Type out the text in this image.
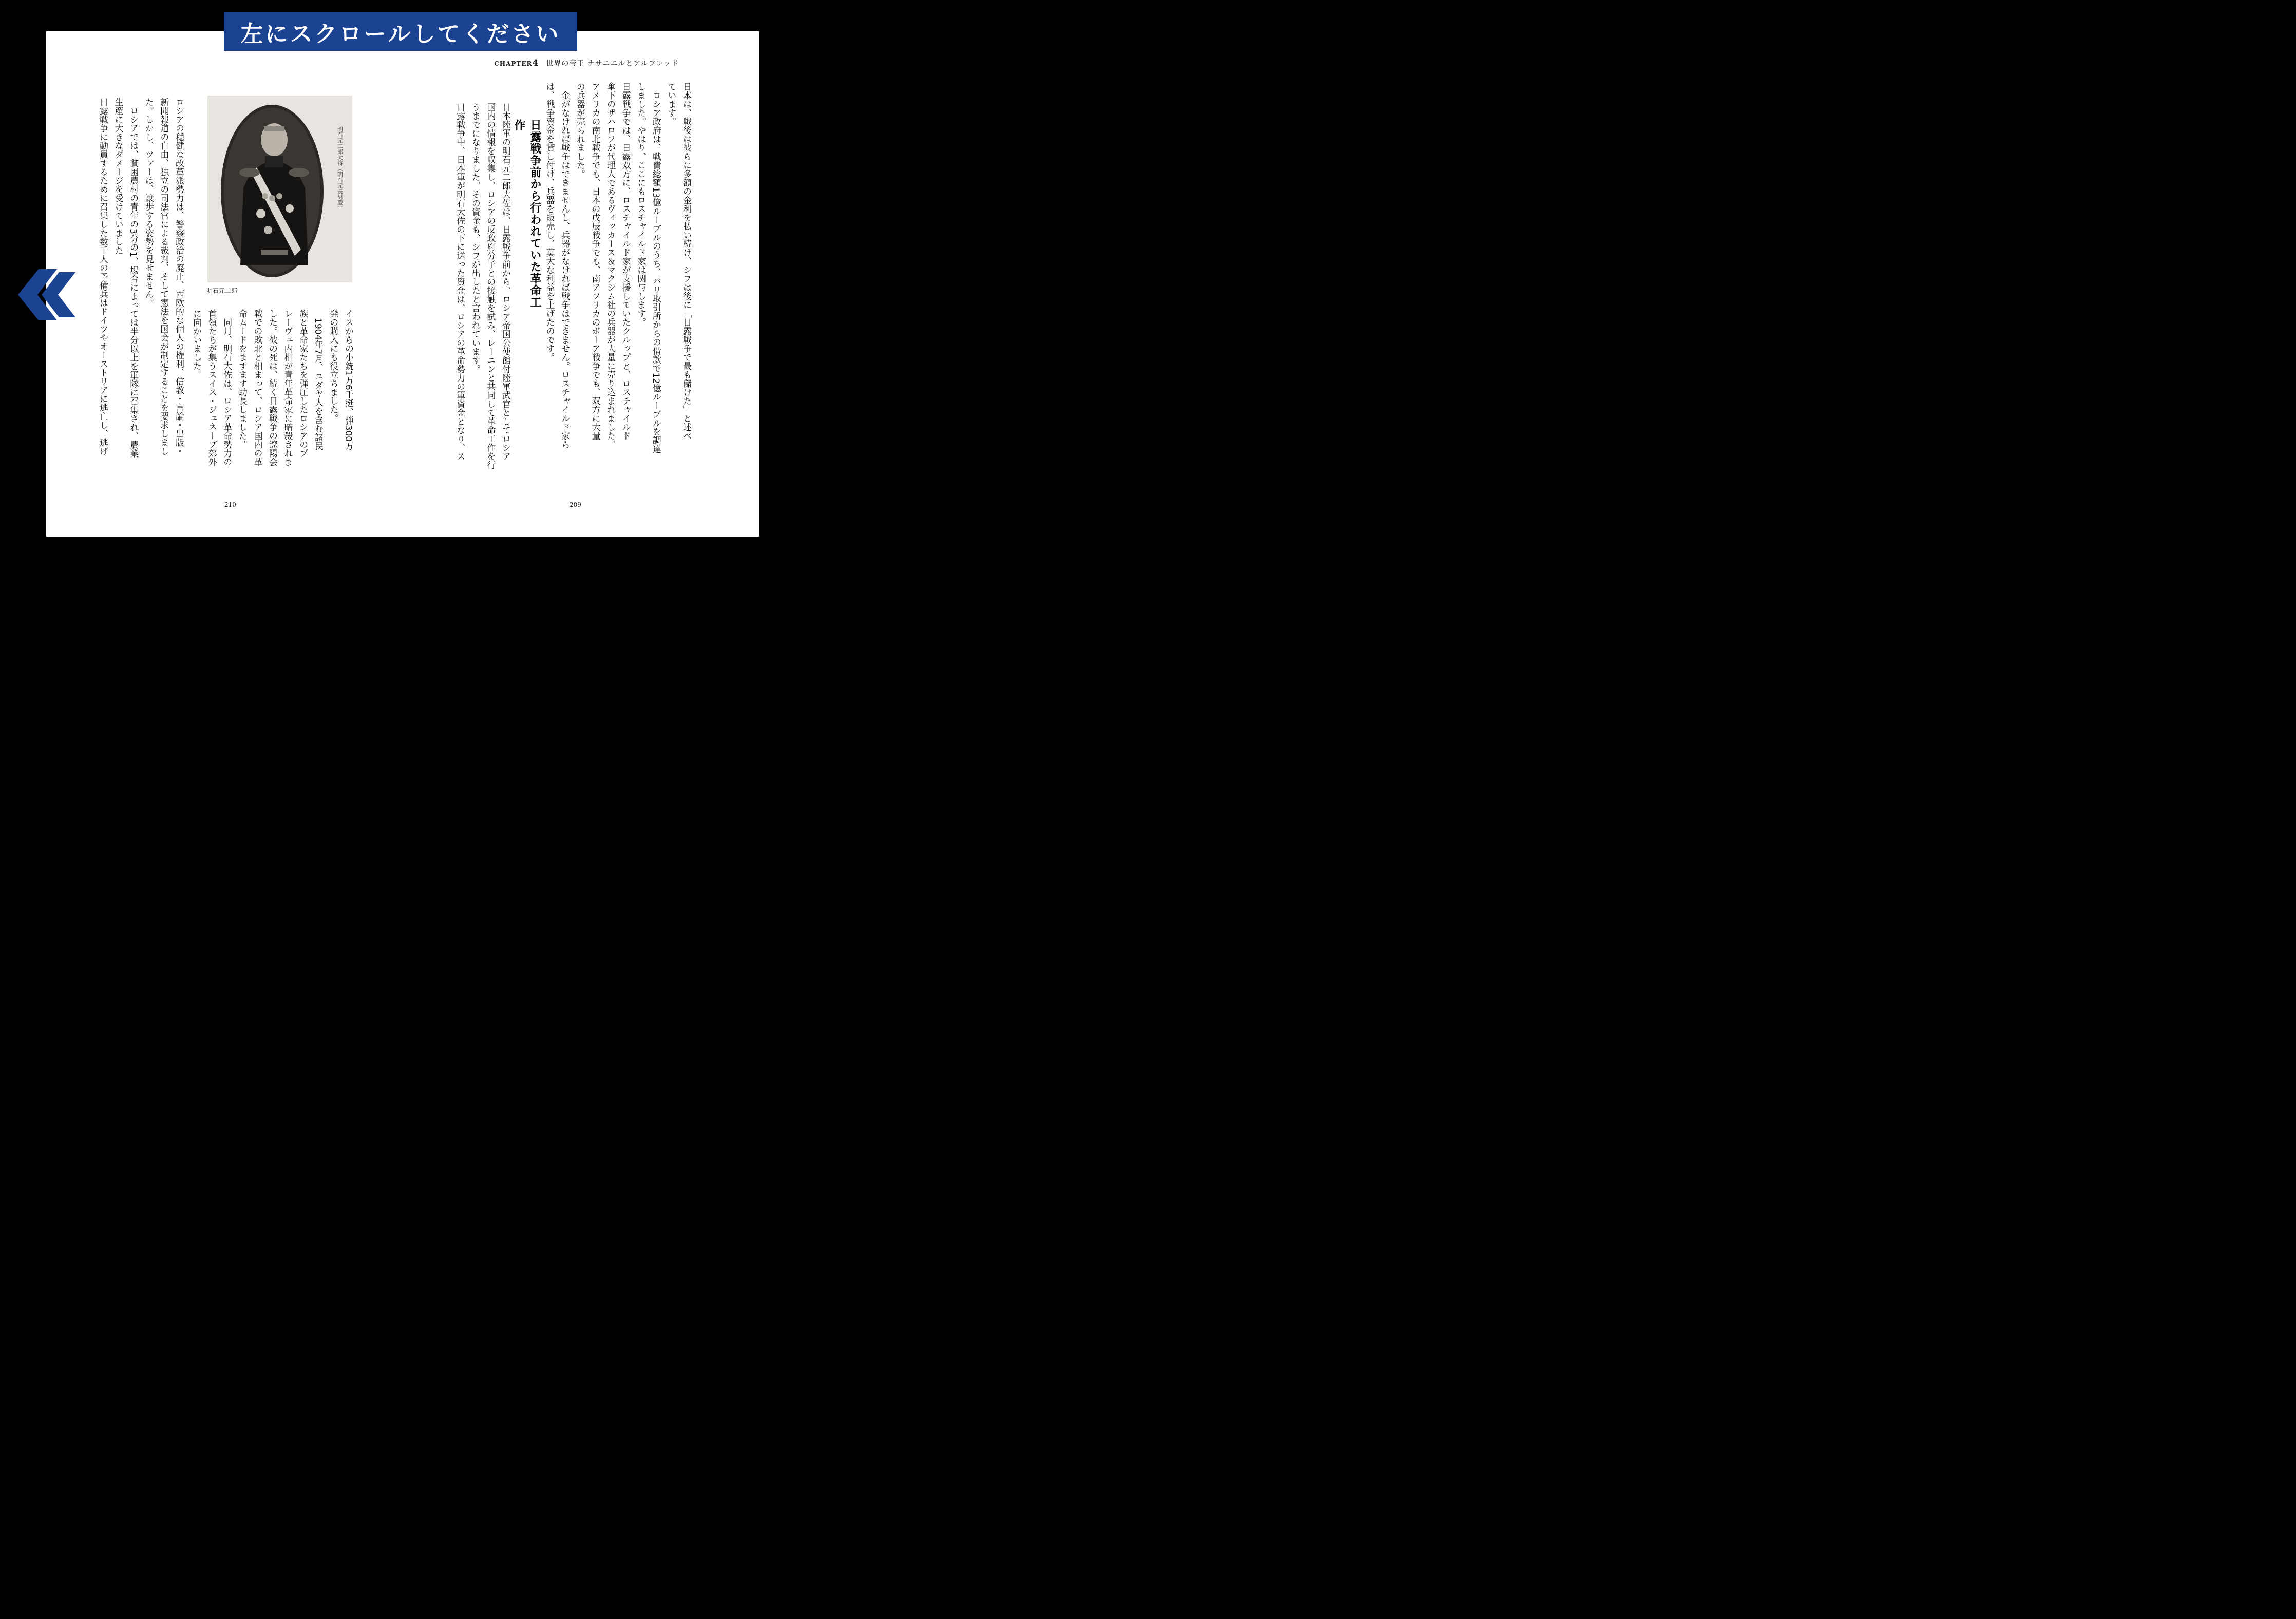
左にスクロールしてください
CHAPTER4 世界の帝王 ナサニエルとアルフレッド
日本は、戦後は彼らに多額の金利を払い続け、シフは後に「日露戦争で最も儲けた」と述べ
ています。
　ロシア政府は、戦費総額13億ルーブルのうち、パリ取引所からの借款で12億ルーブルを調達
しました。やはり、ここにもロスチャイルド家は関与します。
日露戦争では、日露双方に、ロスチャイルド家が支援していたクルップと、ロスチャイルド
傘下のザハロフが代理人であるヴィッカース＆マクシム社の兵器が大量に売り込まれました。
アメリカの南北戦争でも、日本の戊辰戦争でも、南アフリカのボーア戦争でも、双方に大量
の兵器が売られました。
　金がなければ戦争はできませんし、兵器がなければ戦争はできません。ロスチャイルド家ら
は、戦争資金を貸し付け、兵器を販売し、莫大な利益を上げたのです。
日露戦争前から行われていた革命工作
日本陸軍の明石元二郎大佐は、日露戦争前から、ロシア帝国公使館付陸軍武官としてロシア
国内の情報を収集し、ロシアの反政府分子との接触を試み、レーニンと共同して革命工作を行
うまでになりました。その資金も、シフが出したと言われています。
日露戦争中、日本軍が明石大佐の下に送った資金は、ロシアの革命勢力の軍資金となり、ス
明石元二郎大将（明石元長男蔵）
明石元二郎
イスからの小銃1万6千挺、弾300万
発の購入にも役立ちました。
　1904年7月、ユダヤ人を含む諸民
族と革命家たちを弾圧したロシアのプ
レーヴェ内相が青年革命家に暗殺されま
した。彼の死は、続く日露戦争の遼陽会
戦での敗北と相まって、ロシア国内の革
命ムードをますます助長しました。
　同月、明石大佐は、ロシア革命勢力の
首領たちが集うスイス・ジュネーブ郊外
に向かいました。
ロシアの穏健な改革派勢力は、警察政治の廃止、西欧的な個人の権利、信教・言論・出版・
新聞報道の自由、独立の司法官による裁判、そして憲法を国会が制定することを要求しまし
た。しかし、ツァーは、譲歩する姿勢を見せません。
　ロシアでは、貧困農村の青年の3分の1、場合によっては半分以上を軍隊に召集され、農業
生産に大きなダメージを受けていました
日露戦争に動員するために召集した数千人の予備兵はドイツやオーストリアに逃亡し、逃げ
210	209
